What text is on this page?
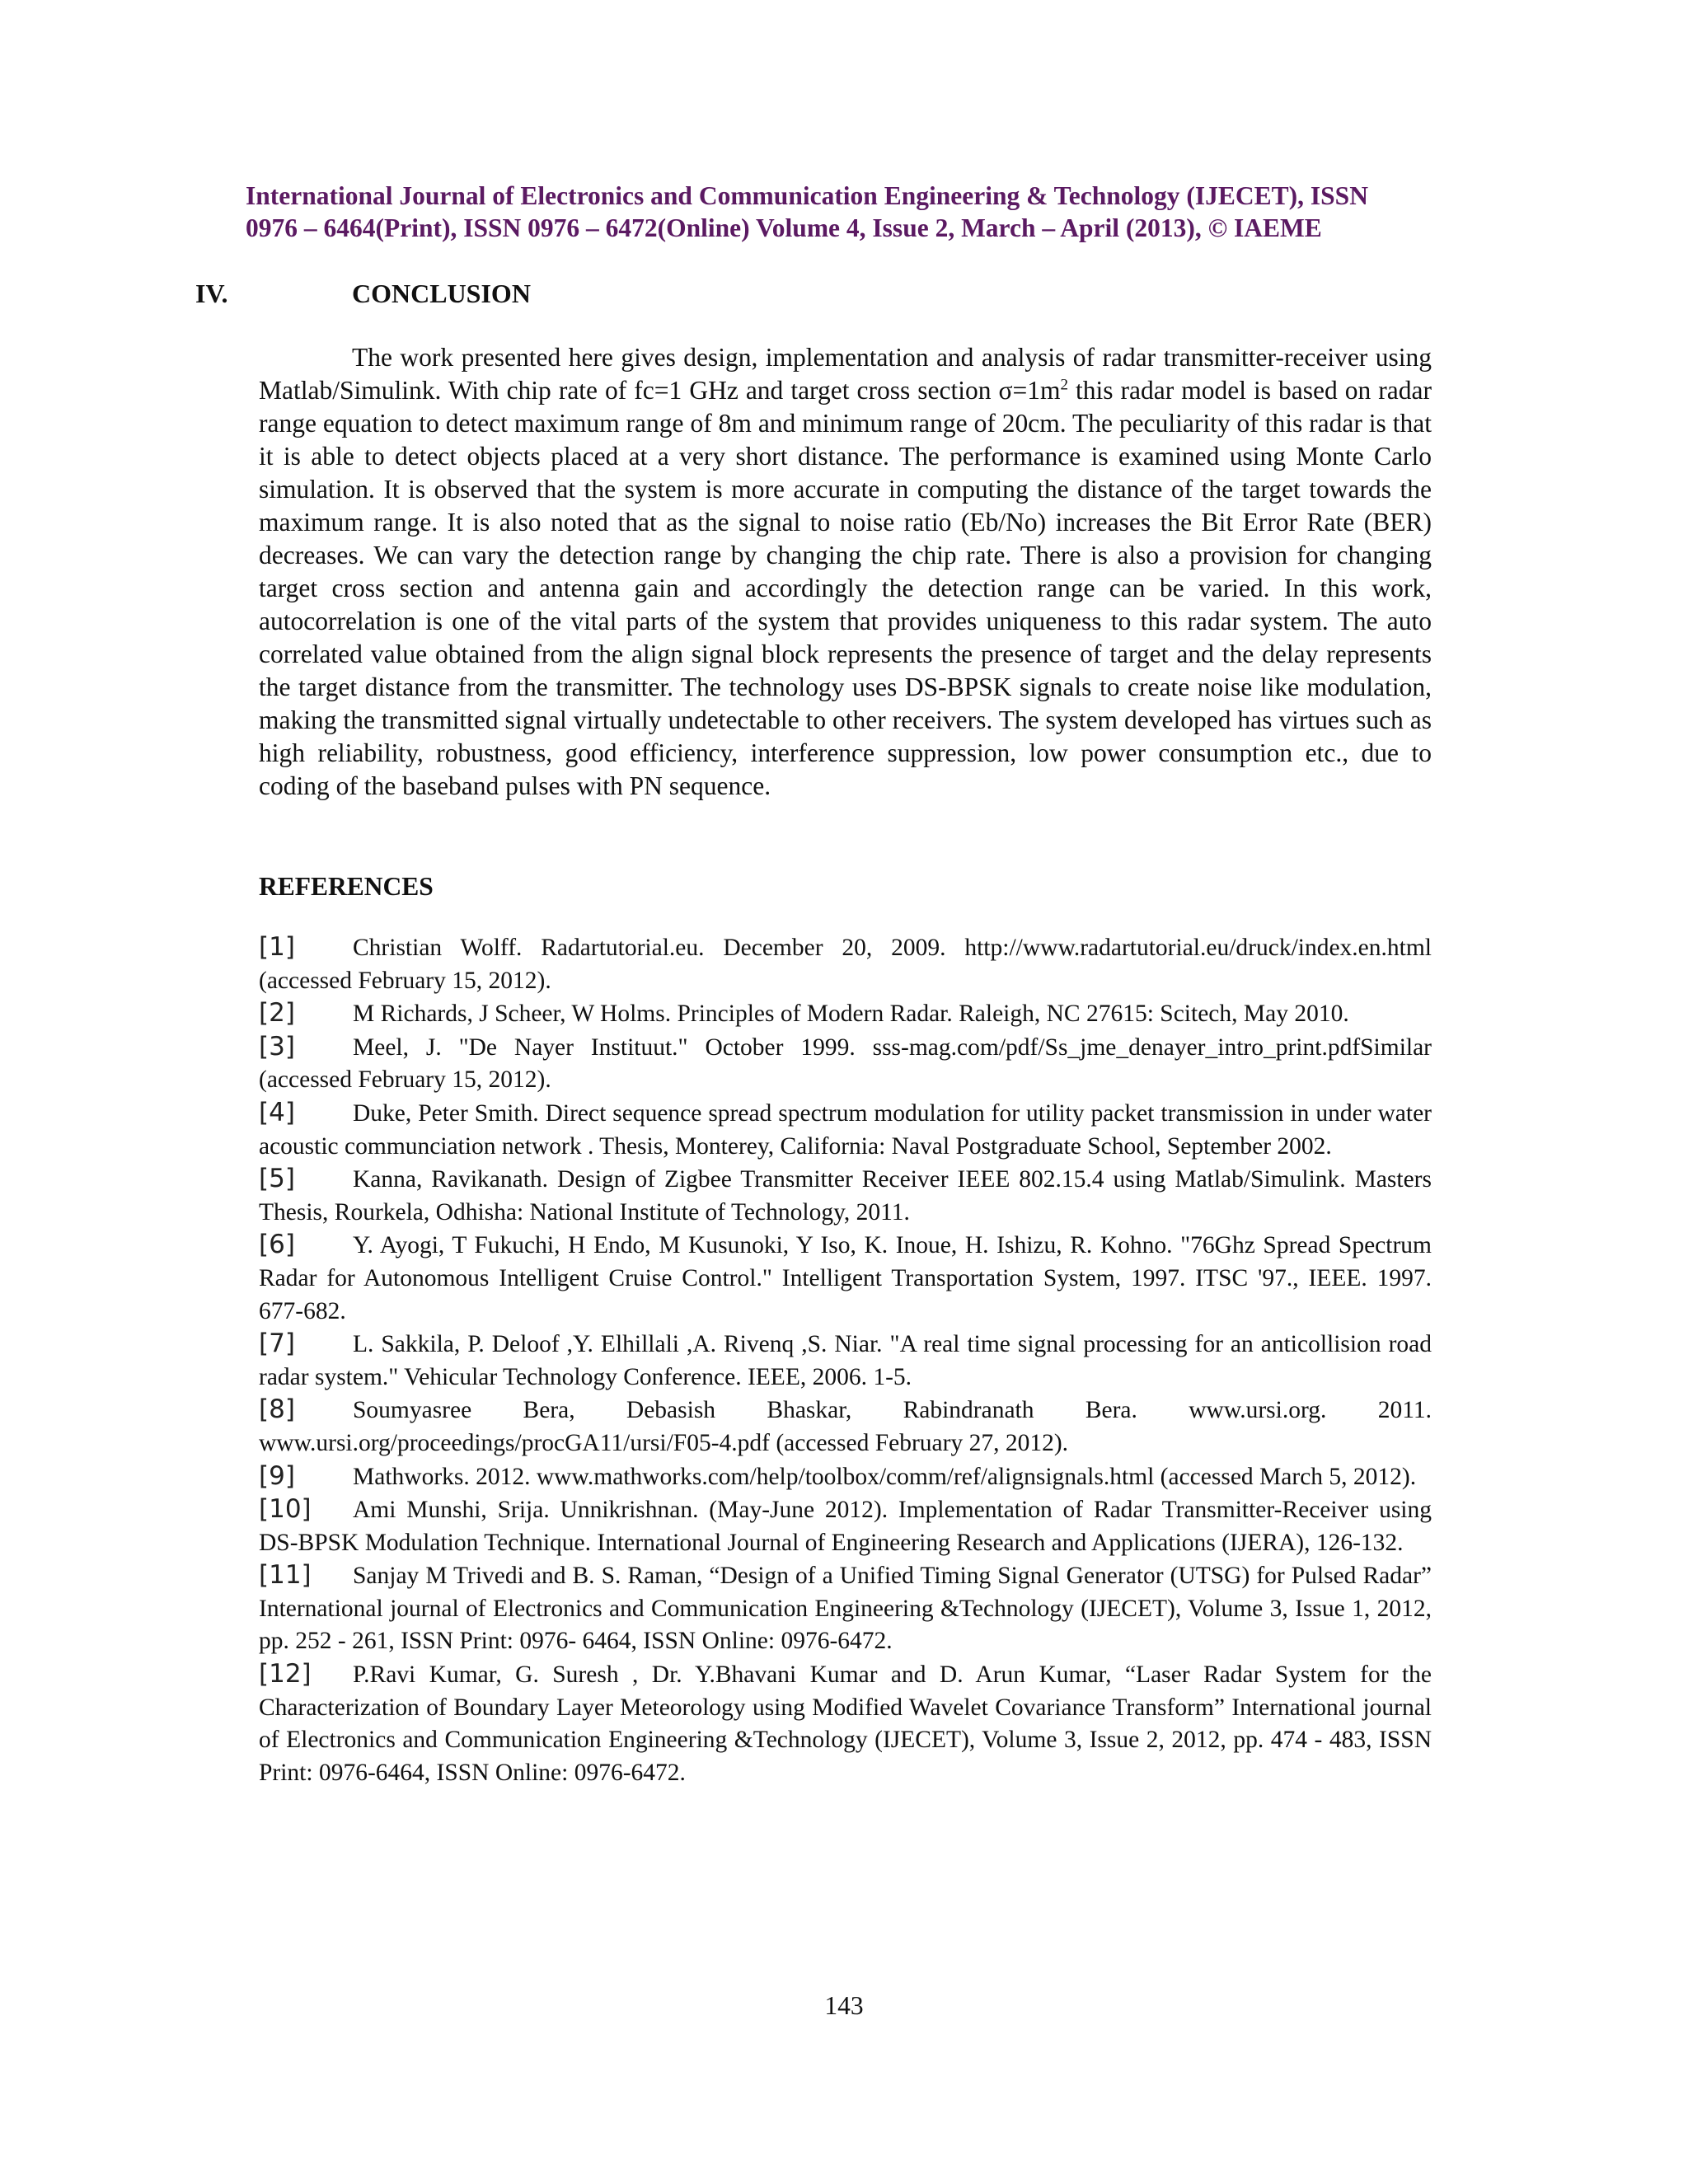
International Journal of Electronics and Communication Engineering & Technology (IJECET), ISSN
0976 – 6464(Print), ISSN 0976 – 6472(Online) Volume 4, Issue 2, March – April (2013), © IAEME
IV.	CONCLUSION

The work presented here gives design, implementation and analysis of radar transmitter-receiver using Matlab/Simulink. With chip rate of fc=1 GHz and target cross section $\sigma=1m^2$ this radar model is based on radar range equation to detect maximum range of 8m and minimum range of 20cm. The peculiarity of this radar is that it is able to detect objects placed at a very short distance. The performance is examined using Monte Carlo simulation. It is observed that the system is more accurate in computing the distance of the target towards the maximum range. It is also noted that as the signal to noise ratio (Eb/No) increases the Bit Error Rate (BER) decreases. We can vary the detection range by changing the chip rate. There is also a provision for changing target cross section and antenna gain and accordingly the detection range can be varied. In this work, autocorrelation is one of the vital parts of the system that provides uniqueness to this radar system. The auto correlated value obtained from the align signal block represents the presence of target and the delay represents the target distance from the transmitter. The technology uses DS-BPSK signals to create noise like modulation, making the transmitted signal virtually undetectable to other receivers. The system developed has virtues such as high reliability, robustness, good efficiency, interference suppression, low power consumption etc., due to coding of the baseband pulses with PN sequence.

REFERENCES
[1] Christian Wolff. Radartutorial.eu. December 20, 2009. http://www.radartutorial.eu/druck/index.en.html (accessed February 15, 2012).
[2] M Richards, J Scheer, W Holms. Principles of Modern Radar. Raleigh, NC 27615: Scitech, May 2010.
[3] Meel, J. "De Nayer Instituut." October 1999. sss-mag.com/pdf/Ss_jme_denayer_intro_print.pdfSimilar (accessed February 15, 2012).
[4] Duke, Peter Smith. Direct sequence spread spectrum modulation for utility packet transmission in under water acoustic communciation network . Thesis, Monterey, California: Naval Postgraduate School, September 2002.
[5] Kanna, Ravikanath. Design of Zigbee Transmitter Receiver IEEE 802.15.4 using Matlab/Simulink. Masters Thesis, Rourkela, Odhisha: National Institute of Technology, 2011.
[6] Y. Ayogi, T Fukuchi, H Endo, M Kusunoki, Y Iso, K. Inoue, H. Ishizu, R. Kohno. "76Ghz Spread Spectrum Radar for Autonomous Intelligent Cruise Control." Intelligent Transportation System, 1997. ITSC '97., IEEE. 1997. 677-682.
[7] L. Sakkila, P. Deloof ,Y. Elhillali ,A. Rivenq ,S. Niar. "A real time signal processing for an anticollision road radar system." Vehicular Technology Conference. IEEE, 2006. 1-5.
[8] Soumyasree Bera, Debasish Bhaskar, Rabindranath Bera. www.ursi.org. 2011. www.ursi.org/proceedings/procGA11/ursi/F05-4.pdf (accessed February 27, 2012).
[9] Mathworks. 2012. www.mathworks.com/help/toolbox/comm/ref/alignsignals.html (accessed March 5, 2012).
[10] Ami Munshi, Srija. Unnikrishnan. (May-June 2012). Implementation of Radar Transmitter-Receiver using DS-BPSK Modulation Technique. International Journal of Engineering Research and Applications (IJERA), 126-132.
[11] Sanjay M Trivedi and B. S. Raman, “Design of a Unified Timing Signal Generator (UTSG) for Pulsed Radar” International journal of Electronics and Communication Engineering &Technology (IJECET), Volume 3, Issue 1, 2012, pp. 252 - 261, ISSN Print: 0976- 6464, ISSN Online: 0976-6472.
[12] P.Ravi Kumar, G. Suresh , Dr. Y.Bhavani Kumar and D. Arun Kumar, “Laser Radar System for the Characterization of Boundary Layer Meteorology using Modified Wavelet Covariance Transform” International journal of Electronics and Communication Engineering &Technology (IJECET), Volume 3, Issue 2, 2012, pp. 474 - 483, ISSN Print: 0976-6464, ISSN Online: 0976-6472.
143
